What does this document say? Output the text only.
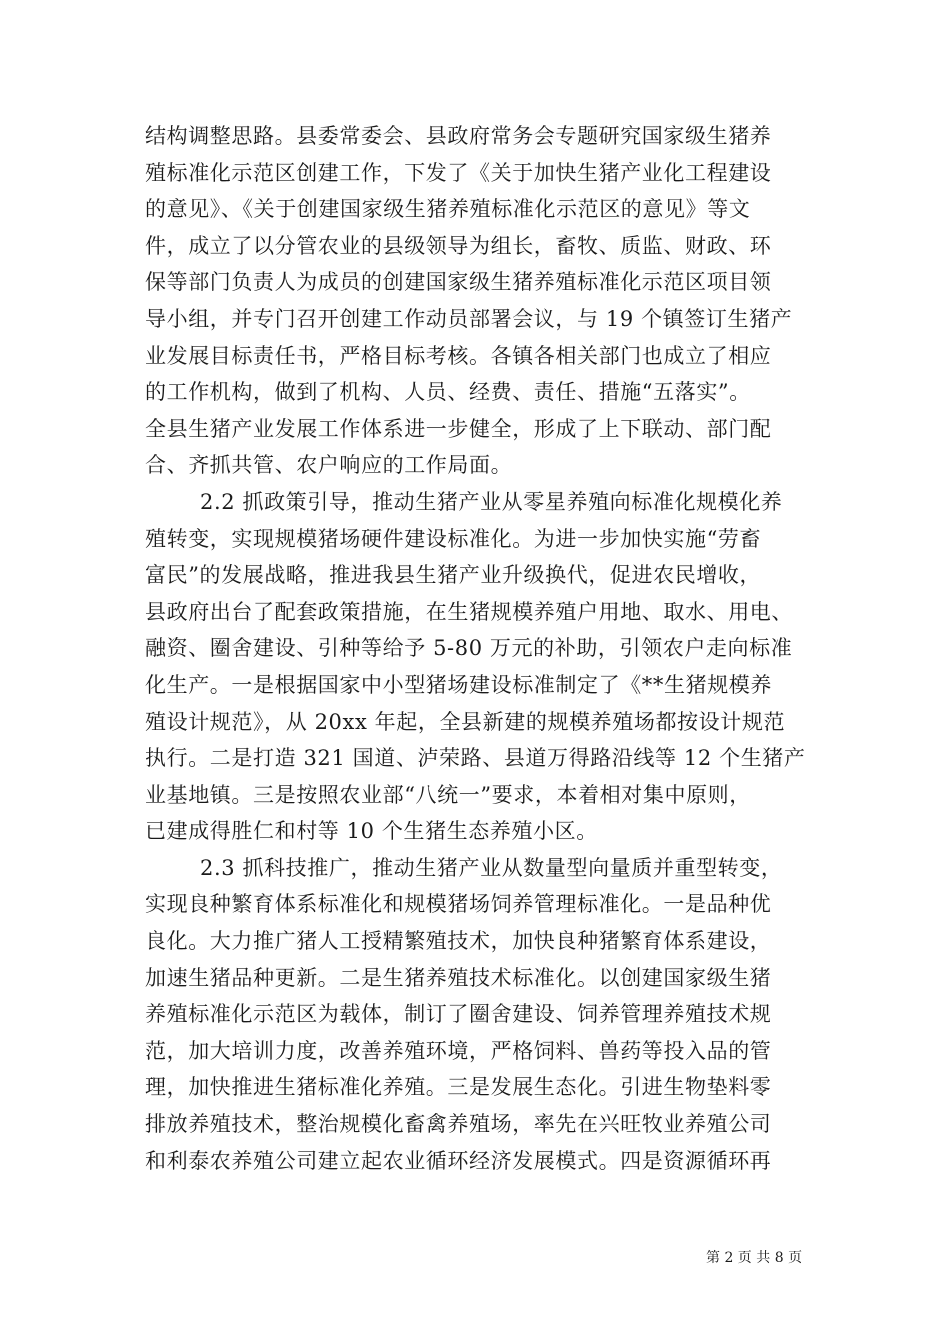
结构调整思路。县委常委会、县政府常务会专题研究国家级生猪养
殖标准化示范区创建工作，下发了《关于加快生猪产业化工程建设
的意见》、《关于创建国家级生猪养殖标准化示范区的意见》等文
件，成立了以分管农业的县级领导为组长，畜牧、质监、财政、环
保等部门负责人为成员的创建国家级生猪养殖标准化示范区项目领
导小组，并专门召开创建工作动员部署会议，与 19 个镇签订生猪产
业发展目标责任书，严格目标考核。各镇各相关部门也成立了相应
的工作机构，做到了机构、人员、经费、责任、措施“五落实”。
全县生猪产业发展工作体系进一步健全，形成了上下联动、部门配
合、齐抓共管、农户响应的工作局面。

2.2 抓政策引导，推动生猪产业从零星养殖向标准化规模化养
殖转变，实现规模猪场硬件建设标准化。为进一步加快实施“劳畜
富民”的发展战略，推进我县生猪产业升级换代，促进农民增收，
县政府出台了配套政策措施，在生猪规模养殖户用地、取水、用电、
融资、圈舍建设、引种等给予 5-80 万元的补助，引领农户走向标准
化生产。一是根据国家中小型猪场建设标准制定了《**生猪规模养
殖设计规范》，从 20xx 年起，全县新建的规模养殖场都按设计规范
执行。二是打造 321 国道、泸荣路、县道万得路沿线等 12 个生猪产
业基地镇。三是按照农业部“八统一”要求，本着相对集中原则，
已建成得胜仁和村等 10 个生猪生态养殖小区。

2.3 抓科技推广，推动生猪产业从数量型向量质并重型转变，
实现良种繁育体系标准化和规模猪场饲养管理标准化。一是品种优
良化。大力推广猪人工授精繁殖技术，加快良种猪繁育体系建设，
加速生猪品种更新。二是生猪养殖技术标准化。以创建国家级生猪
养殖标准化示范区为载体，制订了圈舍建设、饲养管理养殖技术规
范，加大培训力度，改善养殖环境，严格饲料、兽药等投入品的管
理，加快推进生猪标准化养殖。三是发展生态化。引进生物垫料零
排放养殖技术，整治规模化畜禽养殖场，率先在兴旺牧业养殖公司
和利泰农养殖公司建立起农业循环经济发展模式。四是资源循环再

第 2 页 共 8 页
